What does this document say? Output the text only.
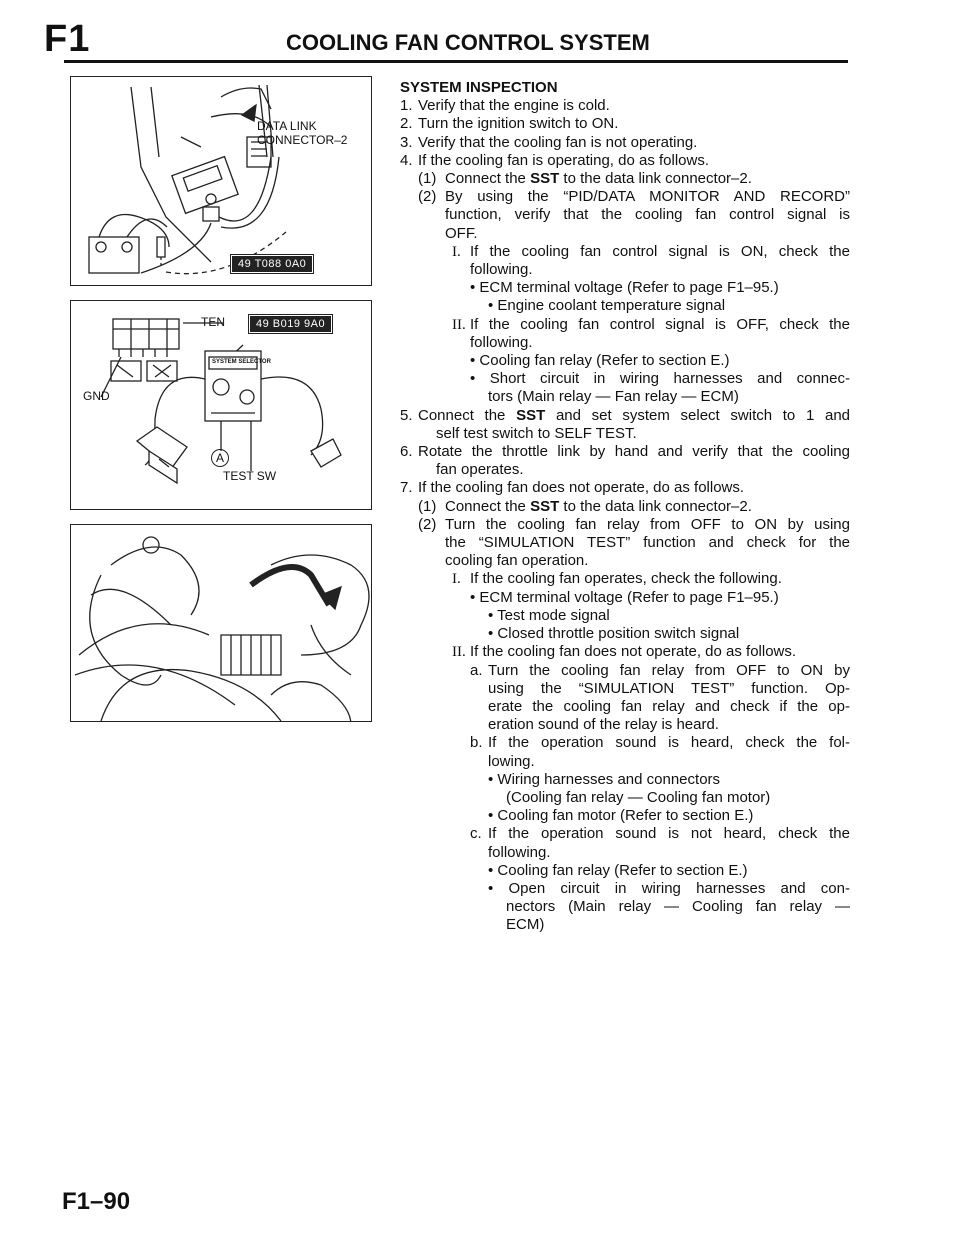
F1	COOLING FAN CONTROL SYSTEM
DATA LINK
CONNECTOR–2
49 T088 0A0
TEN	49 B019 9A0
GND
SYSTEM SELECTOR
A
TEST SW
SYSTEM INSPECTION
1. Verify that the engine is cold.
2. Turn the ignition switch to ON.
3. Verify that the cooling fan is not operating.
4. If the cooling fan is operating, do as follows.
(1) Connect the SST to the data link connector–2.
(2) By using the “PID/DATA MONITOR AND RECORD”
function, verify that the cooling fan control signal is
OFF.
I. If the cooling fan control signal is ON, check the
following.
• ECM terminal voltage (Refer to page F1–95.)
• Engine coolant temperature signal
II. If the cooling fan control signal is OFF, check the
following.
• Cooling fan relay (Refer to section E.)
• Short circuit in wiring harnesses and connec-
tors (Main relay — Fan relay — ECM)
5. Connect the SST and set system select switch to 1 and
self test switch to SELF TEST.
6. Rotate the throttle link by hand and verify that the cooling
fan operates.
7. If the cooling fan does not operate, do as follows.
(1) Connect the SST to the data link connector–2.
(2) Turn the cooling fan relay from OFF to ON by using
the “SIMULATION TEST” function and check for the
cooling fan operation.
I. If the cooling fan operates, check the following.
• ECM terminal voltage (Refer to page F1–95.)
• Test mode signal
• Closed throttle position switch signal
II. If the cooling fan does not operate, do as follows.
a. Turn the cooling fan relay from OFF to ON by
using the “SIMULATION TEST” function. Op-
erate the cooling fan relay and check if the op-
eration sound of the relay is heard.
b. If the operation sound is heard, check the fol-
lowing.
• Wiring harnesses and connectors
(Cooling fan relay — Cooling fan motor)
• Cooling fan motor (Refer to section E.)
c. If the operation sound is not heard, check the
following.
• Cooling fan relay (Refer to section E.)
• Open circuit in wiring harnesses and con-
nectors (Main relay — Cooling fan relay —
ECM)
F1–90
